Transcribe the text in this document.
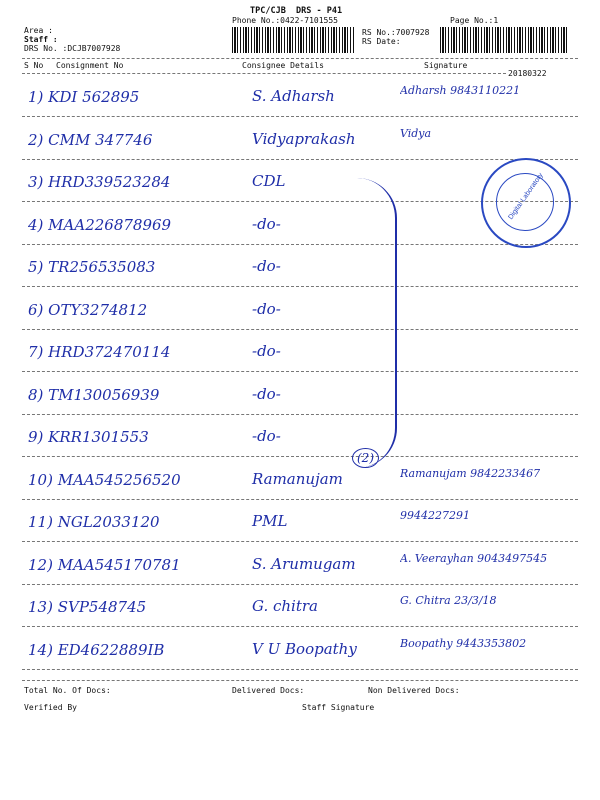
TPC/CJB  DRS - P41
Phone No.:0422-7101555	Page No.:1
Area :
Staff :
DRS No. :DCJB7007928
RS No.:7007928
RS Date:
S No Consignment No	Consignee Details	Signature
20180322
1) KDI 562895	S. Adharsh	Adharsh 9843110221
2) CMM 347746	Vidyaprakash	Vidya
3) HRD339523284	CDL
4) MAA226878969	-do-
5) TR256535083	-do-
6) OTY3274812	-do-
7) HRD372470114	-do-
8) TM130056939	-do-
9) KRR1301553	-do-
10) MAA545256520	Ramanujam	Ramanujam 9842233467
11) NGL2033120	PML	9944227291
12) MAA545170781	S. Arumugam	A. Veerayhan 9043497545
13) SVP548745	G. chitra	G. Chitra 23/3/18
14) ED4622889IB	V U Boopathy	Boopathy 9443353802
Digital Laboratory
(2)
Total No. Of Docs:	Delivered Docs:	Non Delivered Docs:
Verified By	Staff Signature
